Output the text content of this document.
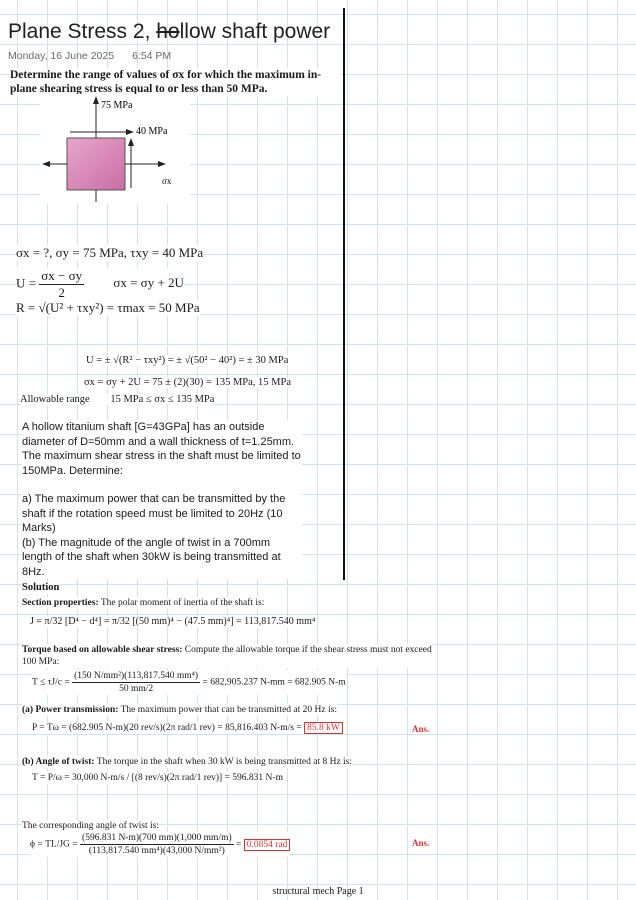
Plane Stress 2, hollow shaft power
Monday, 16 June 2025 6:54 PM
Determine the range of values of σx for which the maximum in-plane shearing stress is equal to or less than 50 MPa.
75 MPa
40 MPa
σx
σx = ?, σy = 75 MPa, τxy = 40 MPa
$U = \frac{\sigma x - \sigma y}{2}$ σx = σy + 2U
R = √(U² + τxy²) = τmax = 50 MPa
U = ± √(R² − τxy²) = ± √(50² − 40²) = ± 30 MPa
σx = σy + 2U = 75 ± (2)(30) = 135 MPa, 15 MPa
Allowable range 15 MPa ≤ σx ≤ 135 MPa
A hollow titanium shaft [G=43GPa] has an outside diameter of D=50mm and a wall thickness of t=1.25mm. The maximum shear stress in the shaft must be limited to 150MPa. Determine:
a) The maximum power that can be transmitted by the shaft if the rotation speed must be limited to 20Hz (10 Marks)
(b) The magnitude of the angle of twist in a 700mm length of the shaft when 30kW is being transmitted at 8Hz.
Solution
Section properties: The polar moment of inertia of the shaft is:
J = π/32 [D⁴ − d⁴] = π/32 [(50 mm)⁴ − (47.5 mm)⁴] = 113,817.540 mm⁴
Torque based on allowable shear stress: Compute the allowable torque if the shear stress must not exceed 100 MPa:
$T \le \tau J/c = \frac{\text{(150 N/mm²)(113,817.540 mm⁴)}}{50 mm/2} = 682,905.237$ N-mm = 682.905 N-m
(a) Power transmission: The maximum power that can be transmitted at 20 Hz is:
P = Tω = (682.905 N-m)(20 rev/s)(2π rad/1 rev) = 85,816.403 N-m/s = 85.8 kW	Ans.
(b) Angle of twist: The torque in the shaft when 30 kW is being transmitted at 8 Hz is:
T = P/ω = 30,000 N-m/s / [(8 rev/s)(2π rad/1 rev)] = 596.831 N-m
The corresponding angle of twist is:
$\phi = TL/JG = \frac{(596.831 N-m)(700 mm)(1,000 mm/m)}{\text{(113,817.540 mm⁴)(43,000 N/mm²)}} = 0.0854$ rad	Ans.
structural mech Page 1
